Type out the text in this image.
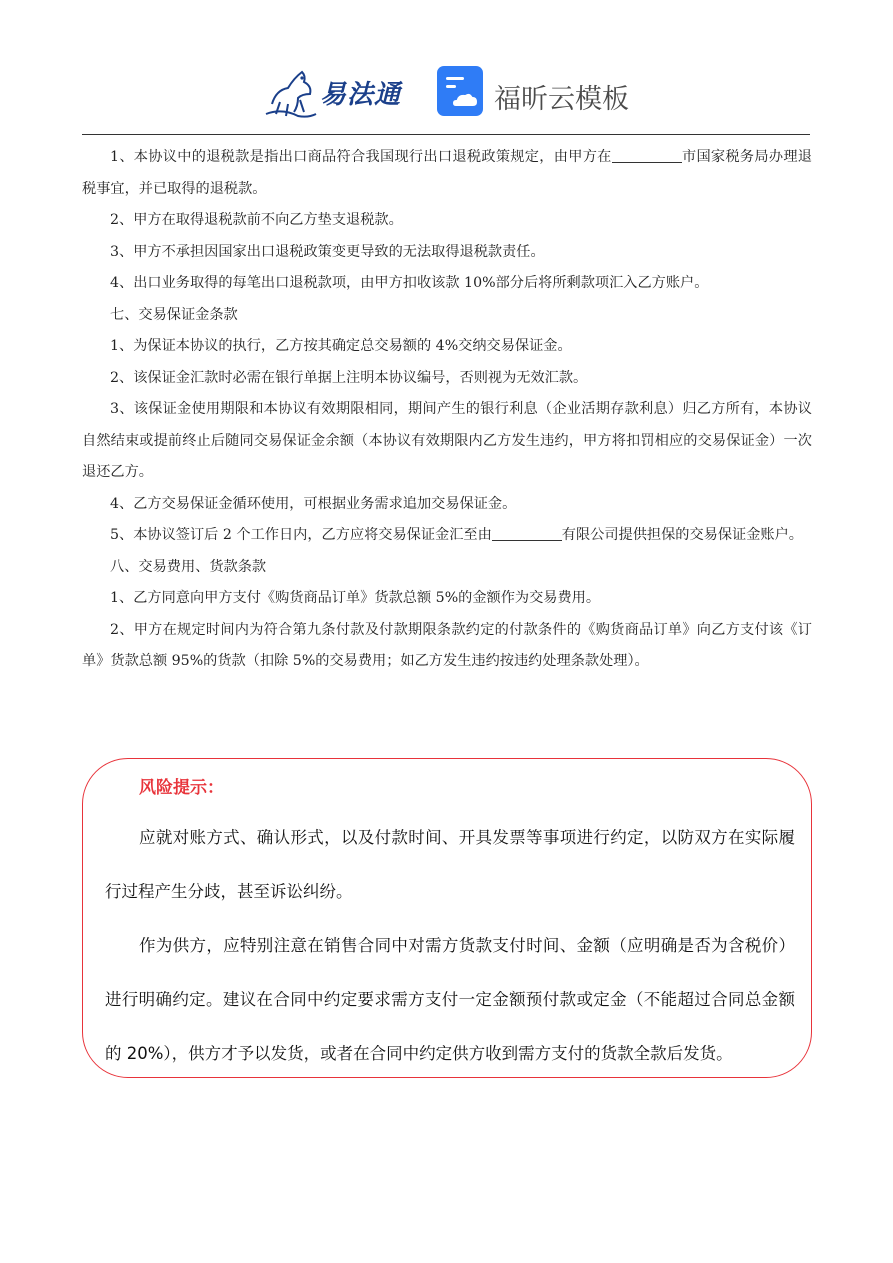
易法通	福昕云模板

1、本协议中的退税款是指出口商品符合我国现行出口退税政策规定，由甲方在	市国家税务局办理退税事宜，并已取得的退税款。

2、甲方在取得退税款前不向乙方垫支退税款。

3、甲方不承担因国家出口退税政策变更导致的无法取得退税款责任。

4、出口业务取得的每笔出口退税款项，由甲方扣收该款 10%部分后将所剩款项汇入乙方账户。

七、交易保证金条款

1、为保证本协议的执行，乙方按其确定总交易额的 4%交纳交易保证金。

2、该保证金汇款时必需在银行单据上注明本协议编号，否则视为无效汇款。

3、该保证金使用期限和本协议有效期限相同，期间产生的银行利息（企业活期存款利息）归乙方所有，本协议自然结束或提前终止后随同交易保证金余额（本协议有效期限内乙方发生违约，甲方将扣罚相应的交易保证金）一次退还乙方。

4、乙方交易保证金循环使用，可根据业务需求追加交易保证金。

5、本协议签订后 2 个工作日内，乙方应将交易保证金汇至由	有限公司提供担保的交易保证金账户。

八、交易费用、货款条款

1、乙方同意向甲方支付《购货商品订单》货款总额 5%的金额作为交易费用。

2、甲方在规定时间内为符合第九条付款及付款期限条款约定的付款条件的《购货商品订单》向乙方支付该《订单》货款总额 95%的货款（扣除 5%的交易费用；如乙方发生违约按违约处理条款处理）。

风险提示：

应就对账方式、确认形式，以及付款时间、开具发票等事项进行约定，以防双方在实际履行过程产生分歧，甚至诉讼纠纷。

作为供方，应特别注意在销售合同中对需方货款支付时间、金额（应明确是否为含税价）进行明确约定。建议在合同中约定要求需方支付一定金额预付款或定金（不能超过合同总金额的 20%），供方才予以发货，或者在合同中约定供方收到需方支付的货款全款后发货。
